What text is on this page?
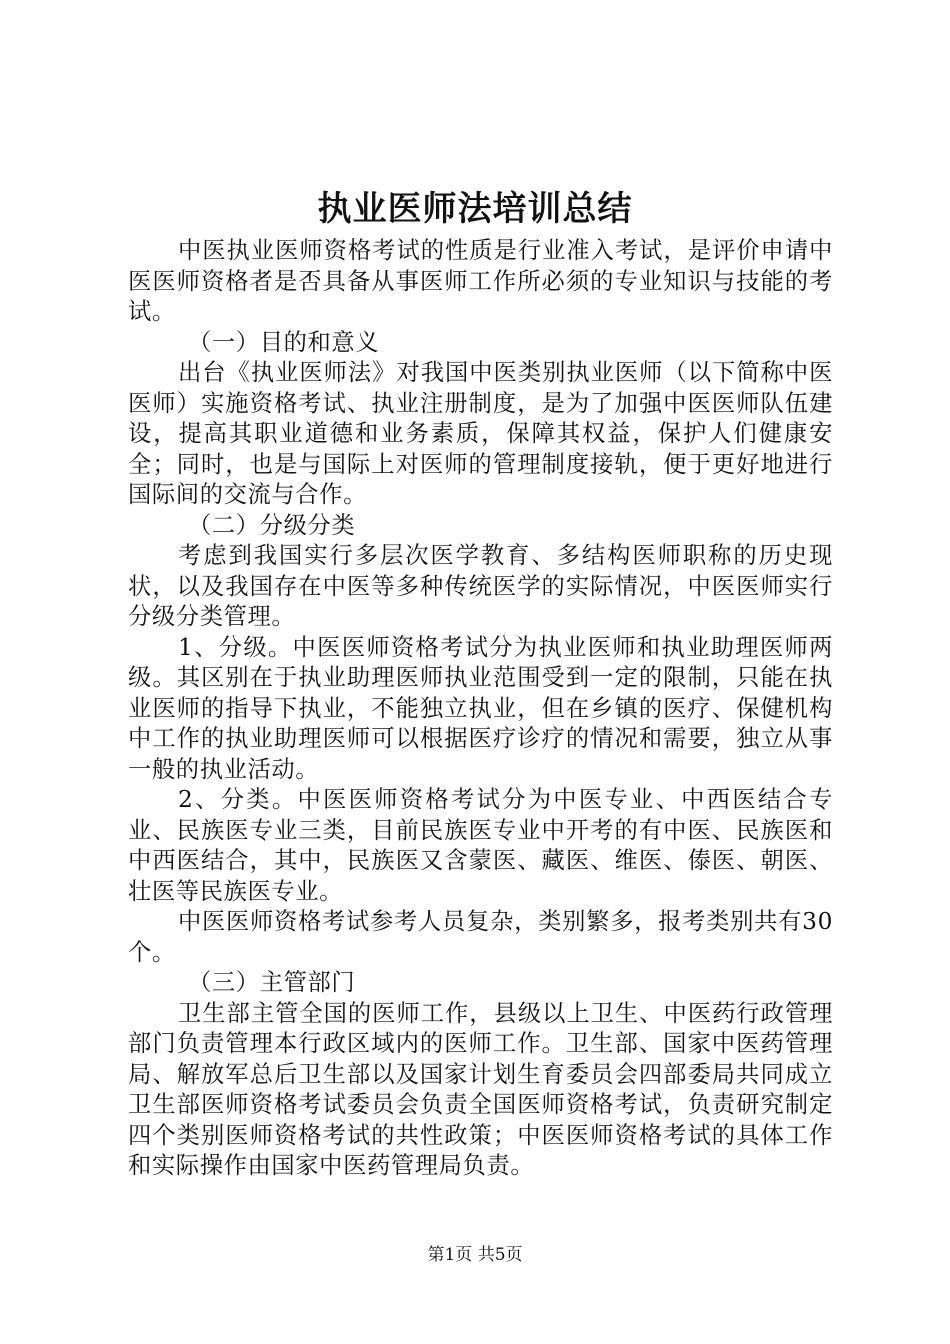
执业医师法培训总结

中医执业医师资格考试的性质是行业准入考试，是评价申请中医医师资格者是否具备从事医师工作所必须的专业知识与技能的考试。

（一）目的和意义

出台《执业医师法》对我国中医类别执业医师（以下简称中医医师）实施资格考试、执业注册制度，是为了加强中医医师队伍建设，提高其职业道德和业务素质，保障其权益，保护人们健康安全；同时，也是与国际上对医师的管理制度接轨，便于更好地进行国际间的交流与合作。

（二）分级分类

考虑到我国实行多层次医学教育、多结构医师职称的历史现状，以及我国存在中医等多种传统医学的实际情况，中医医师实行分级分类管理。

1、分级。中医医师资格考试分为执业医师和执业助理医师两级。其区别在于执业助理医师执业范围受到一定的限制，只能在执业医师的指导下执业，不能独立执业，但在乡镇的医疗、保健机构中工作的执业助理医师可以根据医疗诊疗的情况和需要，独立从事一般的执业活动。

2、分类。中医医师资格考试分为中医专业、中西医结合专业、民族医专业三类，目前民族医专业中开考的有中医、民族医和中西医结合，其中，民族医又含蒙医、藏医、维医、傣医、朝医、壮医等民族医专业。

中医医师资格考试参考人员复杂，类别繁多，报考类别共有30个。

（三）主管部门

卫生部主管全国的医师工作，县级以上卫生、中医药行政管理部门负责管理本行政区域内的医师工作。卫生部、国家中医药管理局、解放军总后卫生部以及国家计划生育委员会四部委局共同成立卫生部医师资格考试委员会负责全国医师资格考试，负责研究制定四个类别医师资格考试的共性政策；中医医师资格考试的具体工作和实际操作由国家中医药管理局负责。

第1页 共5页
